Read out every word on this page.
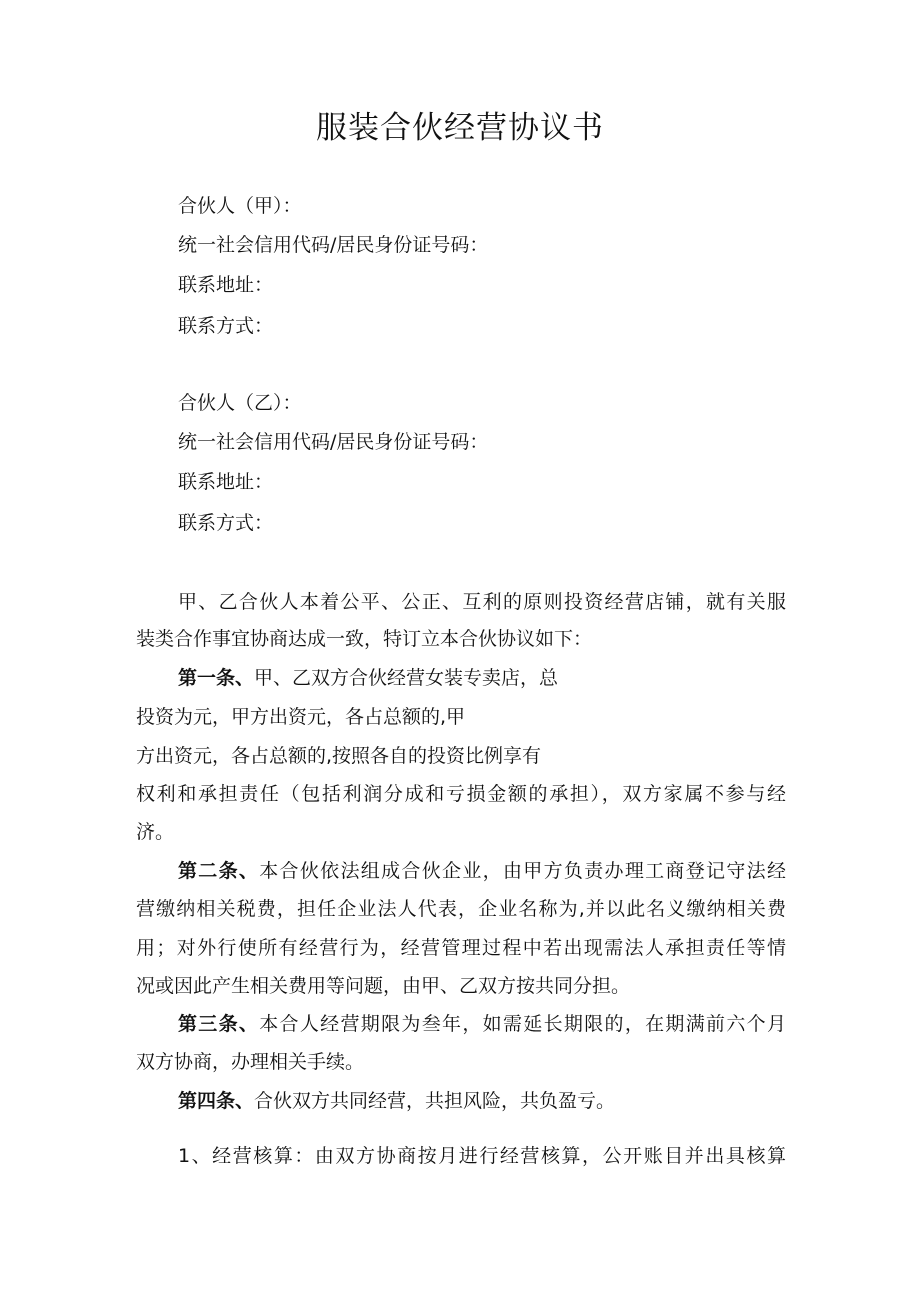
服装合伙经营协议书
合伙人（甲）：
统一社会信用代码/居民身份证号码：
联系地址：
联系方式：
合伙人（乙）：
统一社会信用代码/居民身份证号码：
联系地址：
联系方式：
甲、乙合伙人本着公平、公正、互利的原则投资经营店铺，就有关服
装类合作事宜协商达成一致，特订立本合伙协议如下：
第一条、甲、乙双方合伙经营女装专卖店，总
投资为元，甲方出资元，各占总额的,甲
方出资元，各占总额的,按照各自的投资比例享有
权利和承担责任（包括利润分成和亏损金额的承担），双方家属不参与经
济。
第二条、本合伙依法组成合伙企业，由甲方负责办理工商登记守法经
营缴纳相关税费，担任企业法人代表，企业名称为,并以此名义缴纳相关费
用；对外行使所有经营行为，经营管理过程中若出现需法人承担责任等情
况或因此产生相关费用等问题，由甲、乙双方按共同分担。
第三条、本合人经营期限为叁年，如需延长期限的，在期满前六个月
双方协商，办理相关手续。
第四条、合伙双方共同经营，共担风险，共负盈亏。
1、经营核算：由双方协商按月进行经营核算，公开账目并出具核算
